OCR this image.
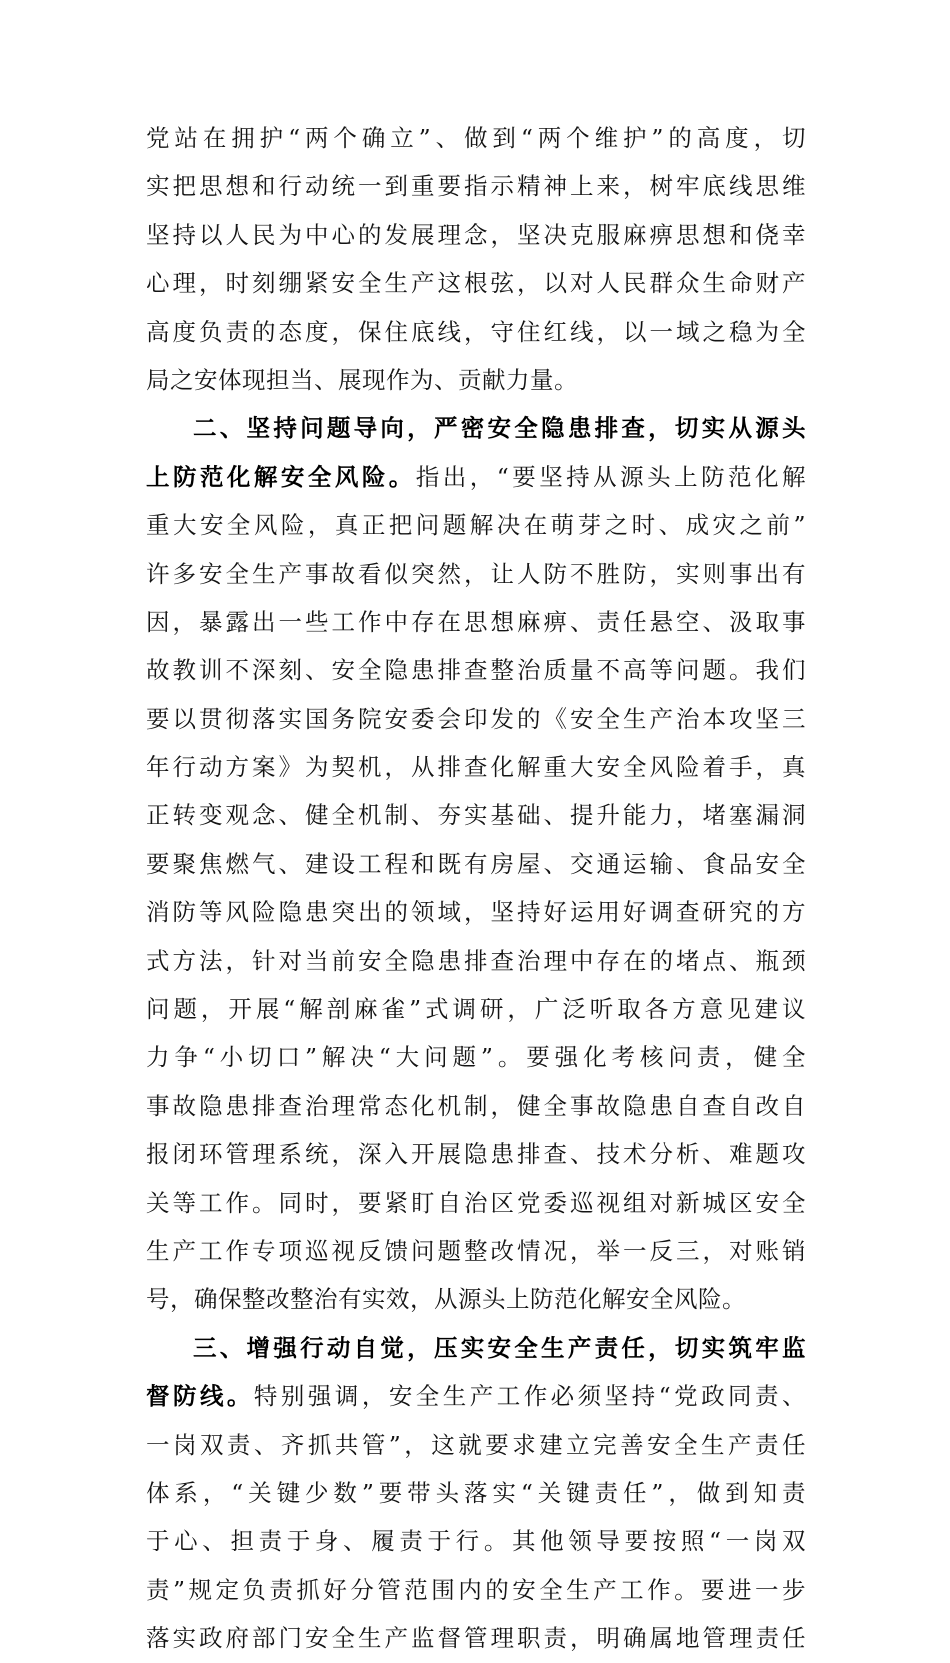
党站在拥护“两个确立”、做到“两个维护”的高度，切
实把思想和行动统一到重要指示精神上来，树牢底线思维
坚持以人民为中心的发展理念，坚决克服麻痹思想和侥幸
心理，时刻绷紧安全生产这根弦，以对人民群众生命财产
高度负责的态度，保住底线，守住红线，以一域之稳为全
局之安体现担当、展现作为、贡献力量。
二、坚持问题导向，严密安全隐患排查，切实从源头
上防范化解安全风险。指出，“要坚持从源头上防范化解
重大安全风险，真正把问题解决在萌芽之时、成灾之前”
许多安全生产事故看似突然，让人防不胜防，实则事出有
因，暴露出一些工作中存在思想麻痹、责任悬空、汲取事
故教训不深刻、安全隐患排查整治质量不高等问题。我们
要以贯彻落实国务院安委会印发的《安全生产治本攻坚三
年行动方案》为契机，从排查化解重大安全风险着手，真
正转变观念、健全机制、夯实基础、提升能力，堵塞漏洞
要聚焦燃气、建设工程和既有房屋、交通运输、食品安全
消防等风险隐患突出的领域，坚持好运用好调查研究的方
式方法，针对当前安全隐患排查治理中存在的堵点、瓶颈
问题，开展“解剖麻雀”式调研，广泛听取各方意见建议
力争“小切口”解决“大问题”。要强化考核问责，健全
事故隐患排查治理常态化机制，健全事故隐患自查自改自
报闭环管理系统，深入开展隐患排查、技术分析、难题攻
关等工作。同时，要紧盯自治区党委巡视组对新城区安全
生产工作专项巡视反馈问题整改情况，举一反三，对账销
号，确保整改整治有实效，从源头上防范化解安全风险。
三、增强行动自觉，压实安全生产责任，切实筑牢监
督防线。特别强调，安全生产工作必须坚持“党政同责、
一岗双责、齐抓共管”，这就要求建立完善安全生产责任
体系，“关键少数”要带头落实“关键责任”，做到知责
于心、担责于身、履责于行。其他领导要按照“一岗双
责”规定负责抓好分管范围内的安全生产工作。要进一步
落实政府部门安全生产监督管理职责，明确属地管理责任
